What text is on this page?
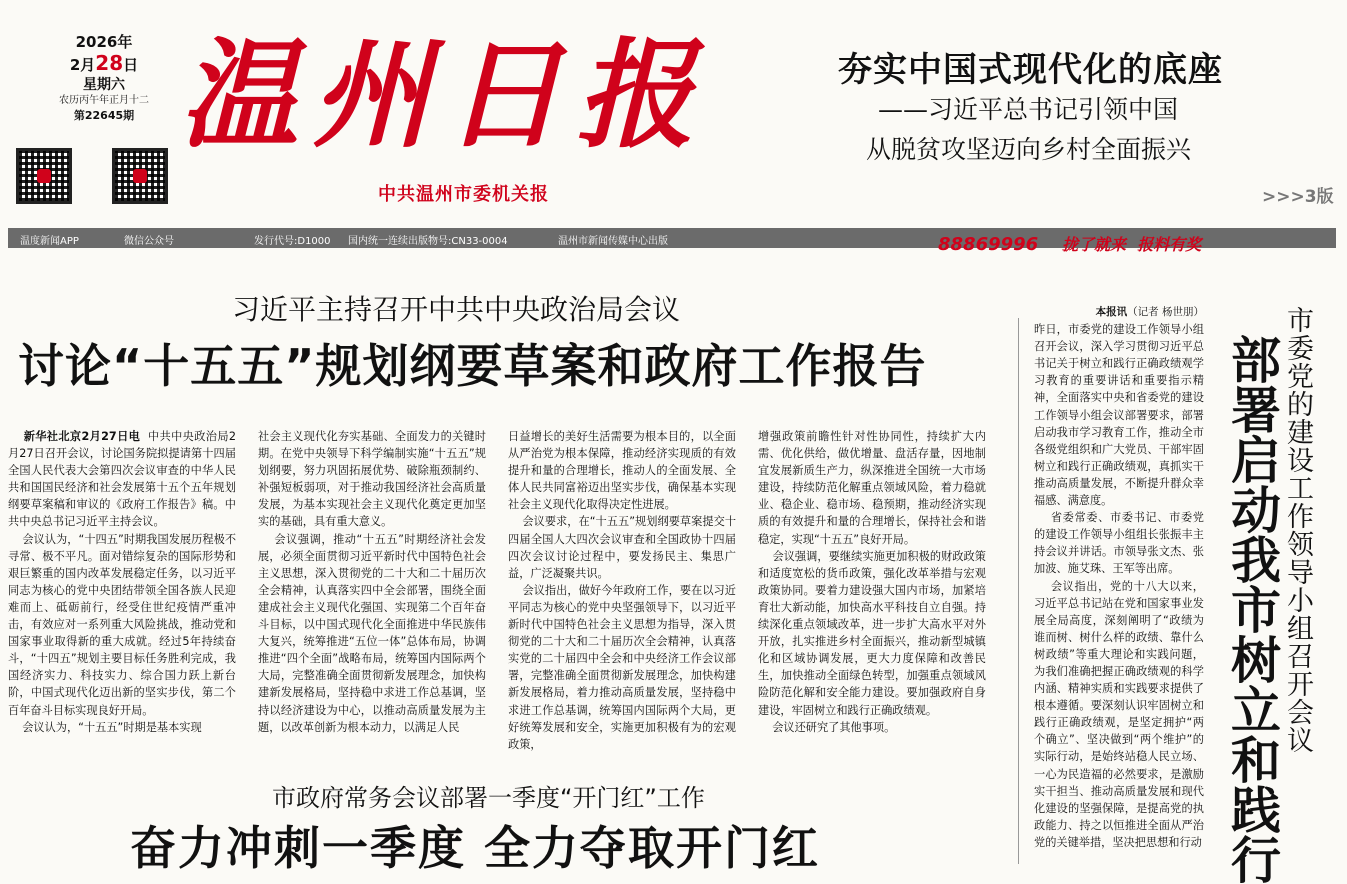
2026年
2月28日
星期六
农历丙午年正月十二
第22645期 温州日报
中共温州市委机关报
夯实中国式现代化的底座
——习近平总书记引领中国
从脱贫攻坚迈向乡村全面振兴
>>>3版
温度新闻APP	微信公众号	发行代号:D1000 国内统一连续出版物号:CN33-0004	温州市新闻传媒中心出版	88869996 拢了就来 报料有奖
习近平主持召开中共中央政治局会议
讨论“十五五”规划纲要草案和政府工作报告

新华社北京2月27日电 中共中央政治局2月27日召开会议，讨论国务院拟提请第十四届全国人民代表大会第四次会议审查的中华人民共和国国民经济和社会发展第十五个五年规划纲要草案稿和审议的《政府工作报告》稿。中共中央总书记习近平主持会议。

会议认为，“十四五”时期我国发展历程极不寻常、极不平凡。面对错综复杂的国际形势和艰巨繁重的国内改革发展稳定任务，以习近平同志为核心的党中央团结带领全国各族人民迎难而上、砥砺前行，经受住世纪疫情严重冲击，有效应对一系列重大风险挑战，推动党和国家事业取得新的重大成就。经过5年持续奋斗，“十四五”规划主要目标任务胜利完成，我国经济实力、科技实力、综合国力跃上新台阶，中国式现代化迈出新的坚实步伐，第二个百年奋斗目标实现良好开局。

会议认为，“十五五”时期是基本实现

社会主义现代化夯实基础、全面发力的关键时期。在党中央领导下科学编制实施“十五五”规划纲要，努力巩固拓展优势、破除瓶颈制约、补强短板弱项，对于推动我国经济社会高质量发展，为基本实现社会主义现代化奠定更加坚实的基础，具有重大意义。

会议强调，推动“十五五”时期经济社会发展，必须全面贯彻习近平新时代中国特色社会主义思想，深入贯彻党的二十大和二十届历次全会精神，认真落实四中全会部署，围绕全面建成社会主义现代化强国、实现第二个百年奋斗目标，以中国式现代化全面推进中华民族伟大复兴，统筹推进“五位一体”总体布局，协调推进“四个全面”战略布局，统筹国内国际两个大局，完整准确全面贯彻新发展理念，加快构建新发展格局，坚持稳中求进工作总基调，坚持以经济建设为中心，以推动高质量发展为主题，以改革创新为根本动力，以满足人民

日益增长的美好生活需要为根本目的，以全面从严治党为根本保障，推动经济实现质的有效提升和量的合理增长，推动人的全面发展、全体人民共同富裕迈出坚实步伐，确保基本实现社会主义现代化取得决定性进展。

会议要求，在“十五五”规划纲要草案提交十四届全国人大四次会议审查和全国政协十四届四次会议讨论过程中，要发扬民主、集思广益，广泛凝聚共识。

会议指出，做好今年政府工作，要在以习近平同志为核心的党中央坚强领导下，以习近平新时代中国特色社会主义思想为指导，深入贯彻党的二十大和二十届历次全会精神，认真落实党的二十届四中全会和中央经济工作会议部署，完整准确全面贯彻新发展理念，加快构建新发展格局，着力推动高质量发展，坚持稳中求进工作总基调，统筹国内国际两个大局，更好统筹发展和安全，实施更加积极有为的宏观政策，

增强政策前瞻性针对性协同性，持续扩大内需、优化供给，做优增量、盘活存量，因地制宜发展新质生产力，纵深推进全国统一大市场建设，持续防范化解重点领域风险，着力稳就业、稳企业、稳市场、稳预期，推动经济实现质的有效提升和量的合理增长，保持社会和谐稳定，实现“十五五”良好开局。

会议强调，要继续实施更加积极的财政政策和适度宽松的货币政策，强化改革举措与宏观政策协同。要着力建设强大国内市场，加紧培育壮大新动能，加快高水平科技自立自强。持续深化重点领域改革，进一步扩大高水平对外开放，扎实推进乡村全面振兴，推动新型城镇化和区域协调发展，更大力度保障和改善民生，加快推动全面绿色转型，加强重点领域风险防范化解和安全能力建设。要加强政府自身建设，牢固树立和践行正确政绩观。

会议还研究了其他事项。

市政府常务会议部署一季度“开门红”工作
奋力冲刺一季度 全力夺取开门红

本报讯（记者 杨世朋）

昨日，市委党的建设工作领导小组召开会议，深入学习贯彻习近平总书记关于树立和践行正确政绩观学习教育的重要讲话和重要指示精神，全面落实中央和省委党的建设工作领导小组会议部署要求，部署启动我市学习教育工作，推动全市各级党组织和广大党员、干部牢固树立和践行正确政绩观，真抓实干推动高质量发展，不断提升群众幸福感、满意度。

省委常委、市委书记、市委党的建设工作领导小组组长张振丰主持会议并讲话。市领导张文杰、张加波、施艾珠、王军等出席。

会议指出，党的十八大以来，习近平总书记站在党和国家事业发展全局高度，深刻阐明了“政绩为谁而树、树什么样的政绩、靠什么树政绩”等重大理论和实践问题，为我们准确把握正确政绩观的科学内涵、精神实质和实践要求提供了根本遵循。要深刻认识牢固树立和践行正确政绩观，是坚定拥护“两个确立”、坚决做到“两个维护”的实际行动，是始终站稳人民立场、一心为民造福的必然要求，是激励实干担当、推动高质量发展和现代化建设的坚强保障，是提高党的执政能力、持之以恒推进全面从严治党的关键举措，坚决把思想和行动

市委党的建设工作领导小组召开会议
部署启动我市树立和践行
